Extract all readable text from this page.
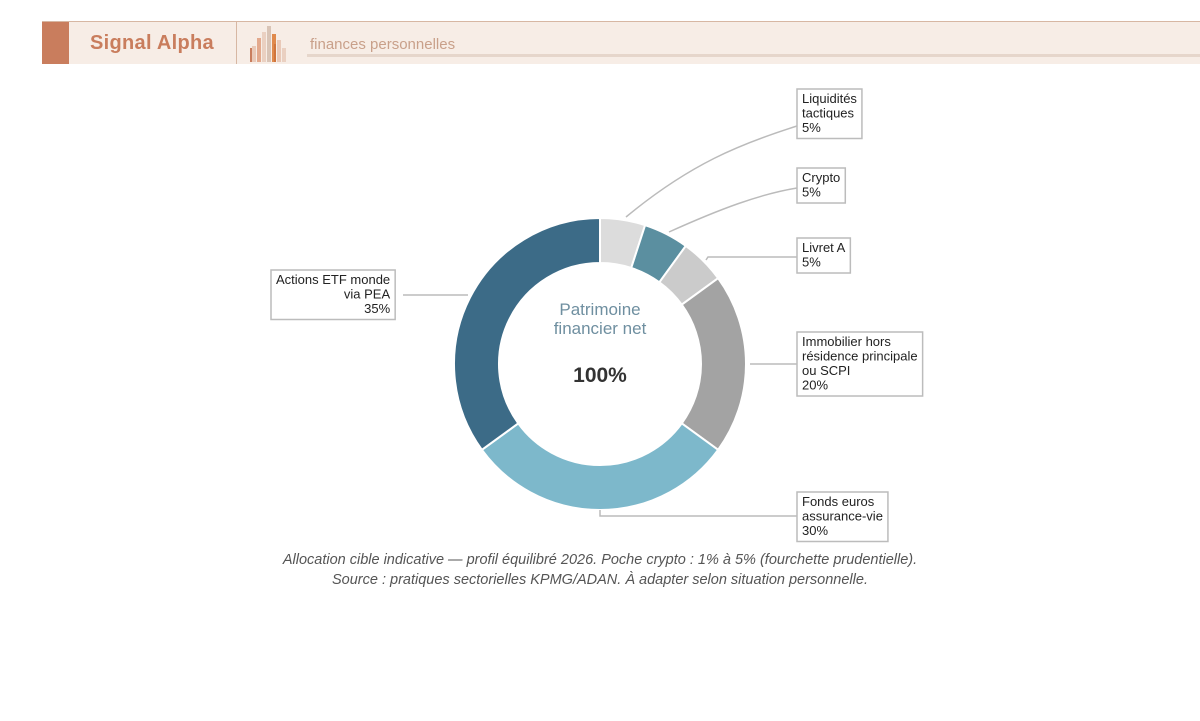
Signal Alpha	finances personnelles
Liquidités tactiques 5%
Crypto 5%
Livret A 5%
Immobilier hors résidence principale ou SCPI 20%
Fonds euros assurance-vie 30%
Actions ETF monde via PEA 35%	Patrimoine
financier net
100%
Allocation cible indicative — profil équilibré 2026. Poche crypto : 1% à 5% (fourchette prudentielle).
Source : pratiques sectorielles KPMG/ADAN. À adapter selon situation personnelle.
